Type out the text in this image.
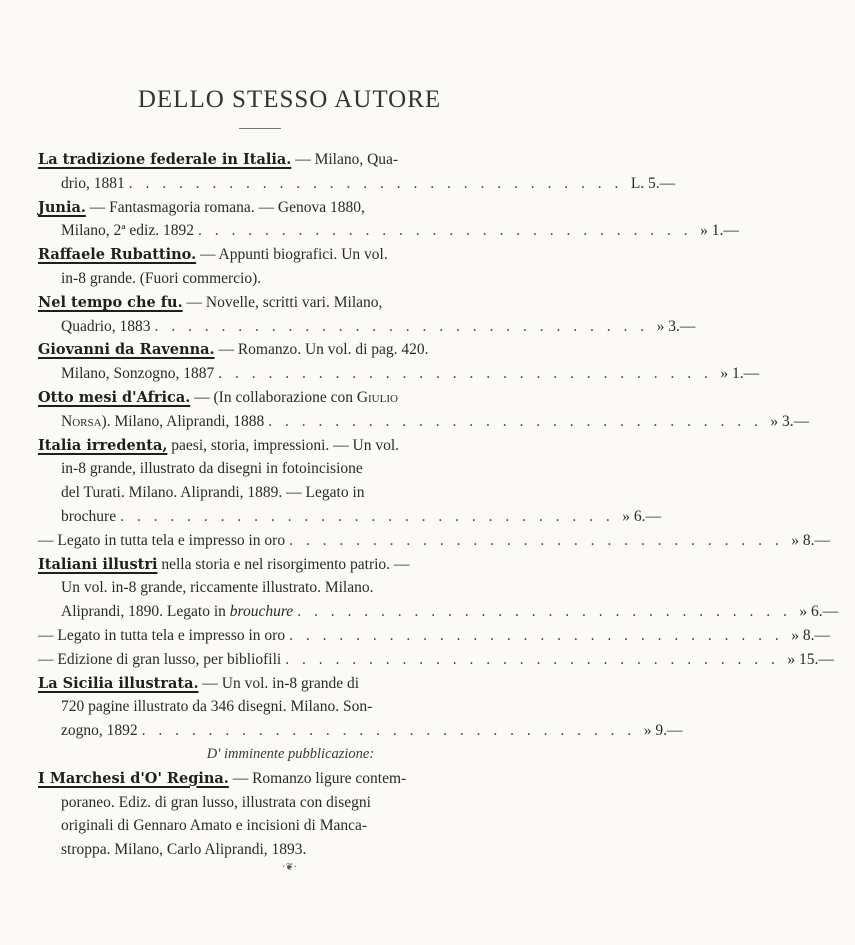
DELLO STESSO AUTORE
La tradizione federale in Italia. — Milano, Qua-
drio, 1881 . . . . . . . . . . . . . . . . . . . . . . . . . . . . . . L. 5.—
Junia. — Fantasmagoria romana. — Genova 1880,
Milano, 2ª ediz. 1892 . . . . . . . . . . . . . . . . . . . . . . . . . . . . . . » 1.—
Raffaele Rubattino. — Appunti biografici. Un vol.
in-8 grande. (Fuori commercio).
Nel tempo che fu. — Novelle, scritti vari. Milano,
Quadrio, 1883 . . . . . . . . . . . . . . . . . . . . . . . . . . . . . . » 3.—
Giovanni da Ravenna. — Romanzo. Un vol. di pag. 420.
Milano, Sonzogno, 1887 . . . . . . . . . . . . . . . . . . . . . . . . . . . . . . » 1.—
Otto mesi d'Africa. — (In collaborazione con Giulio
Norsa). Milano, Aliprandi, 1888 . . . . . . . . . . . . . . . . . . . . . . . . . . . . . . » 3.—
Italia irredenta, paesi, storia, impressioni. — Un vol.
in-8 grande, illustrato da disegni in fotoincisione
del Turati. Milano. Aliprandi, 1889. — Legato in
brochure . . . . . . . . . . . . . . . . . . . . . . . . . . . . . . » 6.—
— Legato in tutta tela e impresso in oro . . . . . . . . . . . . . . . . . . . . . . . . . . . . . . » 8.—
Italiani illustri nella storia e nel risorgimento patrio. —
Un vol. in-8 grande, riccamente illustrato. Milano.
Aliprandi, 1890. Legato in brouchure . . . . . . . . . . . . . . . . . . . . . . . . . . . . . . » 6.—
— Legato in tutta tela e impresso in oro . . . . . . . . . . . . . . . . . . . . . . . . . . . . . . » 8.—
— Edizione di gran lusso, per bibliofili . . . . . . . . . . . . . . . . . . . . . . . . . . . . . . » 15.—
La Sicilia illustrata. — Un vol. in-8 grande di
720 pagine illustrato da 346 disegni. Milano. Son-
zogno, 1892 . . . . . . . . . . . . . . . . . . . . . . . . . . . . . . » 9.—
D' imminente pubblicazione:
I Marchesi d'O' Regina. — Romanzo ligure contem-
poraneo. Ediz. di gran lusso, illustrata con disegni
originali di Gennaro Amato e incisioni di Manca-
stroppa. Milano, Carlo Aliprandi, 1893.
·❦·
